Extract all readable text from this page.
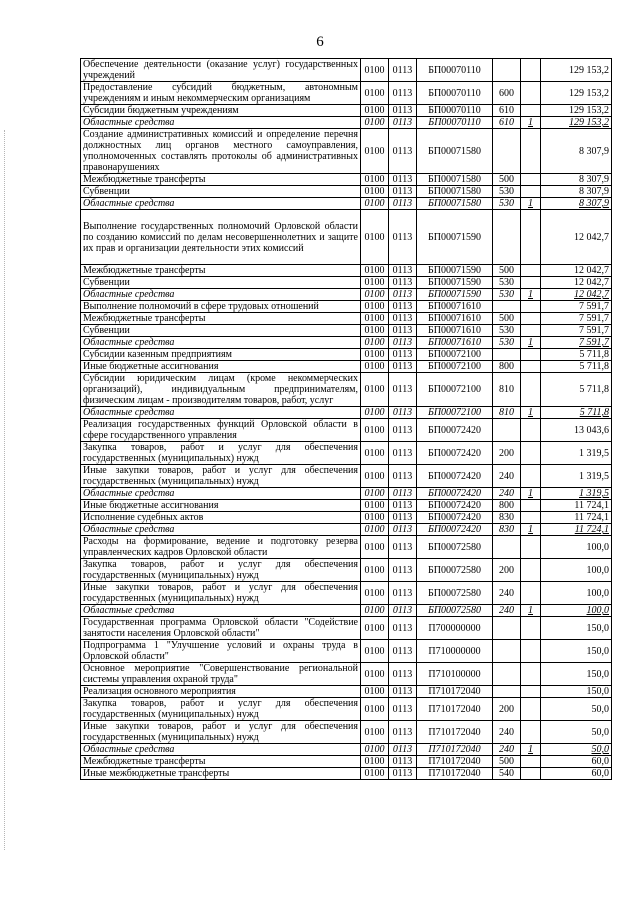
6
Обеспечение деятельности (оказание услуг) государственных учреждений	0100	0113	БП00070110			129 153,2
Предоставление субсидий бюджетным, автономным учреждениям и иным некоммерческим организациям	0100	0113	БП00070110	600		129 153,2
Субсидии бюджетным учреждениям	0100	0113	БП00070110	610		129 153,2
Областные средства	0100	0113	БП00070110	610	1	129 153,2
Создание административных комиссий и определение перечня должностных лиц органов местного самоуправления, уполномоченных составлять протоколы об административных правонарушениях	0100	0113	БП00071580			8 307,9
Межбюджетные трансферты	0100	0113	БП00071580	500		8 307,9
Субвенции	0100	0113	БП00071580	530		8 307,9
Областные средства	0100	0113	БП00071580	530	1	8 307,9
Выполнение государственных полномочий Орловской области по созданию комиссий по делам несовершеннолетних и защите их прав и организации деятельности этих комиссий	0100	0113	БП00071590			12 042,7
Межбюджетные трансферты	0100	0113	БП00071590	500		12 042,7
Субвенции	0100	0113	БП00071590	530		12 042,7
Областные средства	0100	0113	БП00071590	530	1	12 042,7
Выполнение полномочий в сфере трудовых отношений	0100	0113	БП00071610			7 591,7
Межбюджетные трансферты	0100	0113	БП00071610	500		7 591,7
Субвенции	0100	0113	БП00071610	530		7 591,7
Областные средства	0100	0113	БП00071610	530	1	7 591,7
Субсидии казенным предприятиям	0100	0113	БП00072100			5 711,8
Иные бюджетные ассигнования	0100	0113	БП00072100	800		5 711,8
Субсидии юридическим лицам (кроме некоммерческих организаций), индивидуальным предпринимателям, физическим лицам - производителям товаров, работ, услуг	0100	0113	БП00072100	810		5 711,8
Областные средства	0100	0113	БП00072100	810	1	5 711,8
Реализация государственных функций Орловской области в сфере государственного управления	0100	0113	БП00072420			13 043,6
Закупка товаров, работ и услуг для обеспечения государственных (муниципальных) нужд	0100	0113	БП00072420	200		1 319,5
Иные закупки товаров, работ и услуг для обеспечения государственных (муниципальных) нужд	0100	0113	БП00072420	240		1 319,5
Областные средства	0100	0113	БП00072420	240	1	1 319,5
Иные бюджетные ассигнования	0100	0113	БП00072420	800		11 724,1
Исполнение судебных актов	0100	0113	БП00072420	830		11 724,1
Областные средства	0100	0113	БП00072420	830	1	11 724,1
Расходы на формирование, ведение и подготовку резерва управленческих кадров Орловской области	0100	0113	БП00072580			100,0
Закупка товаров, работ и услуг для обеспечения государственных (муниципальных) нужд	0100	0113	БП00072580	200		100,0
Иные закупки товаров, работ и услуг для обеспечения государственных (муниципальных) нужд	0100	0113	БП00072580	240		100,0
Областные средства	0100	0113	БП00072580	240	1	100,0
Государственная программа Орловской области "Содействие занятости населения Орловской области"	0100	0113	П700000000			150,0
Подпрограмма 1 "Улучшение условий и охраны труда в Орловской области"	0100	0113	П710000000			150,0
Основное мероприятие "Совершенствование региональной системы управления охраной труда"	0100	0113	П710100000			150,0
Реализация основного мероприятия	0100	0113	П710172040			150,0
Закупка товаров, работ и услуг для обеспечения государственных (муниципальных) нужд	0100	0113	П710172040	200		50,0
Иные закупки товаров, работ и услуг для обеспечения государственных (муниципальных) нужд	0100	0113	П710172040	240		50,0
Областные средства	0100	0113	П710172040	240	1	50,0
Межбюджетные трансферты	0100	0113	П710172040	500		60,0
Иные межбюджетные трансферты	0100	0113	П710172040	540		60,0
